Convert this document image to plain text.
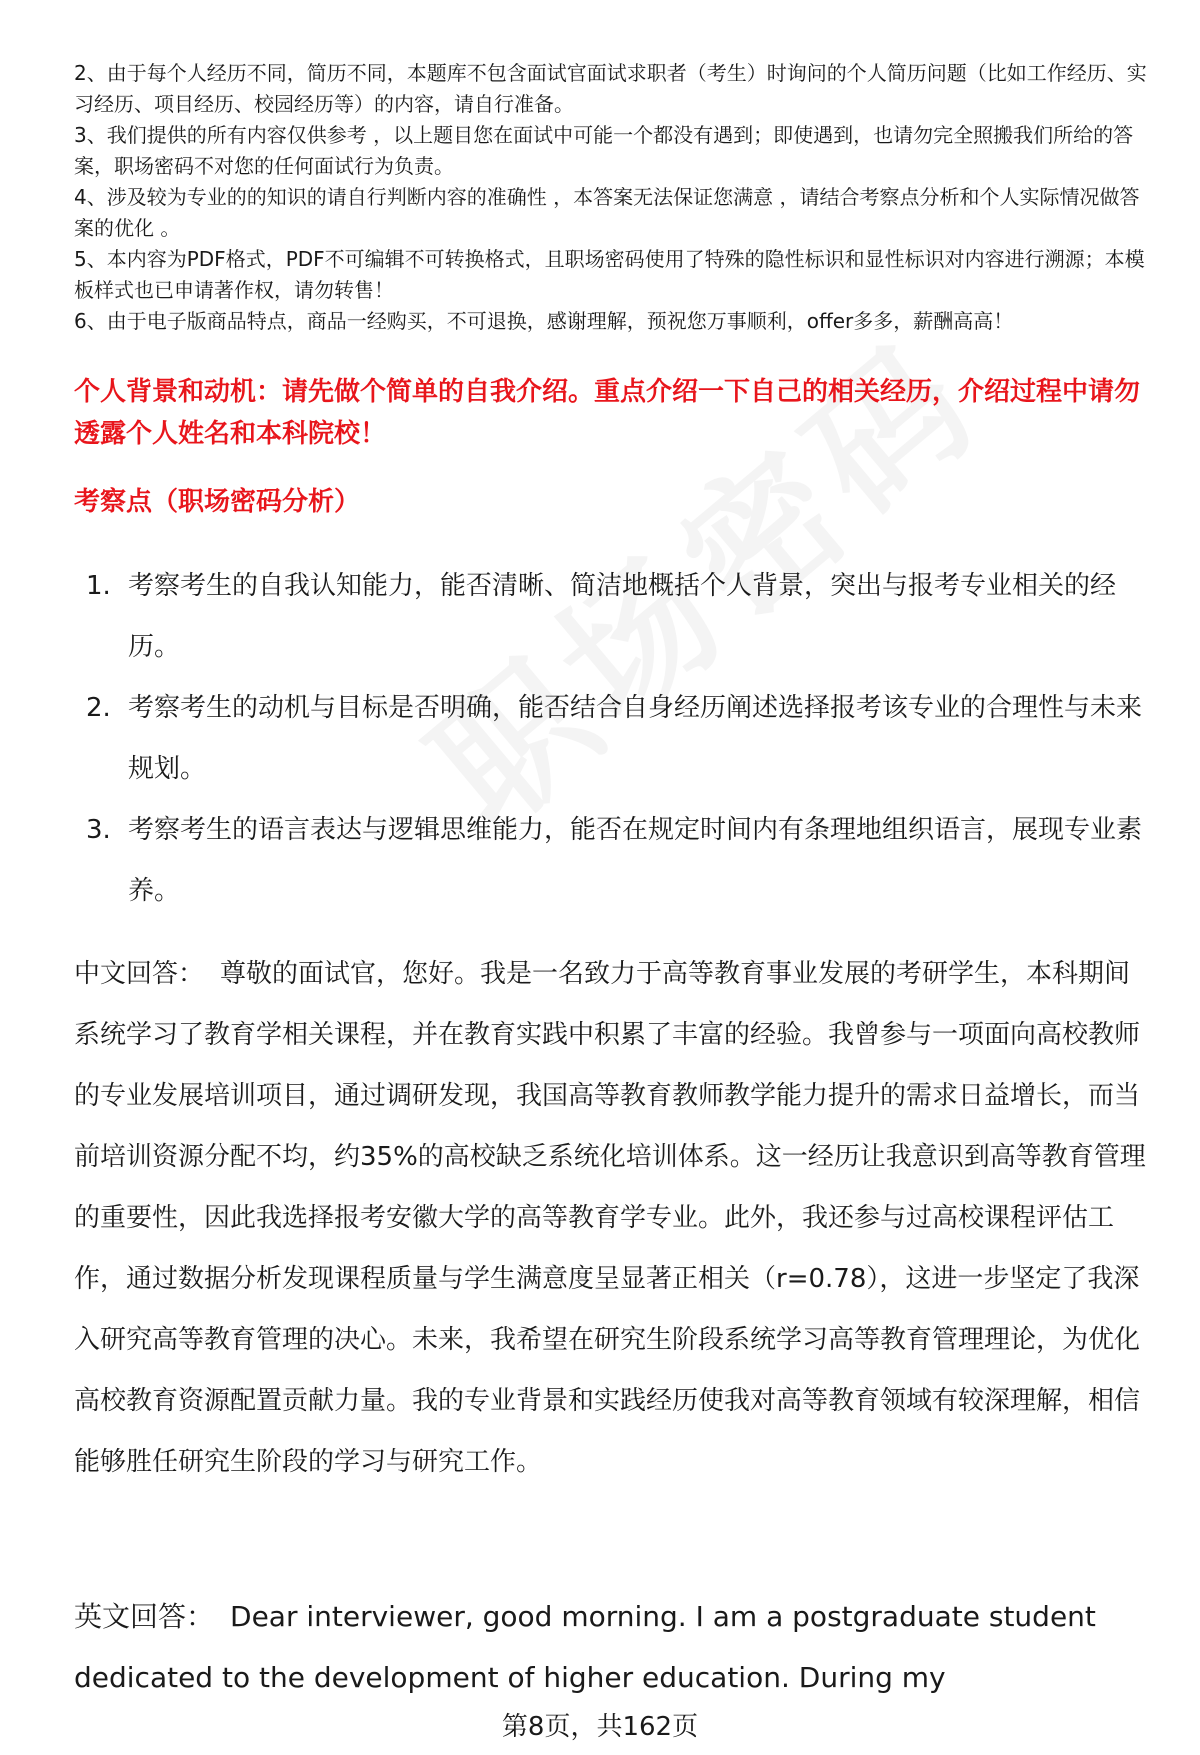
2、由于每个人经历不同，简历不同，本题库不包含面试官面试求职者（考生）时询问的个人简历问题（比如工作经历、实习经历、项目经历、校园经历等）的内容，请自行准备。

3、我们提供的所有内容仅供参考 ，以上题目您在面试中可能一个都没有遇到；即使遇到，也请勿完全照搬我们所给的答案，职场密码不对您的任何面试行为负责。

4、涉及较为专业的的知识的请自行判断内容的准确性 ，本答案无法保证您满意 ，请结合考察点分析和个人实际情况做答案的优化 。

5、本内容为PDF格式，PDF不可编辑不可转换格式，且职场密码使用了特殊的隐性标识和显性标识对内容进行溯源；本模板样式也已申请著作权，请勿转售！

6、由于电子版商品特点，商品一经购买，不可退换，感谢理解，预祝您万事顺利，offer多多，薪酬高高！

个人背景和动机：请先做个简单的自我介绍。重点介绍一下自己的相关经历，介绍过程中请勿透露个人姓名和本科院校！
考察点（职场密码分析）
1. 考察考生的自我认知能力，能否清晰、简洁地概括个人背景，突出与报考专业相关的经历。
2. 考察考生的动机与目标是否明确，能否结合自身经历阐述选择报考该专业的合理性与未来规划。
3. 考察考生的语言表达与逻辑思维能力，能否在规定时间内有条理地组织语言，展现专业素养。

中文回答： 尊敬的面试官，您好。我是一名致力于高等教育事业发展的考研学生，本科期间系统学习了教育学相关课程，并在教育实践中积累了丰富的经验。我曾参与一项面向高校教师的专业发展培训项目，通过调研发现，我国高等教育教师教学能力提升的需求日益增长，而当前培训资源分配不均，约35%的高校缺乏系统化培训体系。这一经历让我意识到高等教育管理的重要性，因此我选择报考安徽大学的高等教育学专业。此外，我还参与过高校课程评估工作，通过数据分析发现课程质量与学生满意度呈显著正相关（r=0.78），这进一步坚定了我深入研究高等教育管理的决心。未来，我希望在研究生阶段系统学习高等教育管理理论，为优化高校教育资源配置贡献力量。我的专业背景和实践经历使我对高等教育领域有较深理解，相信能够胜任研究生阶段的学习与研究工作。

英文回答： Dear interviewer, good morning. I am a postgraduate student dedicated to the development of higher education. During my

第8页，共162页
